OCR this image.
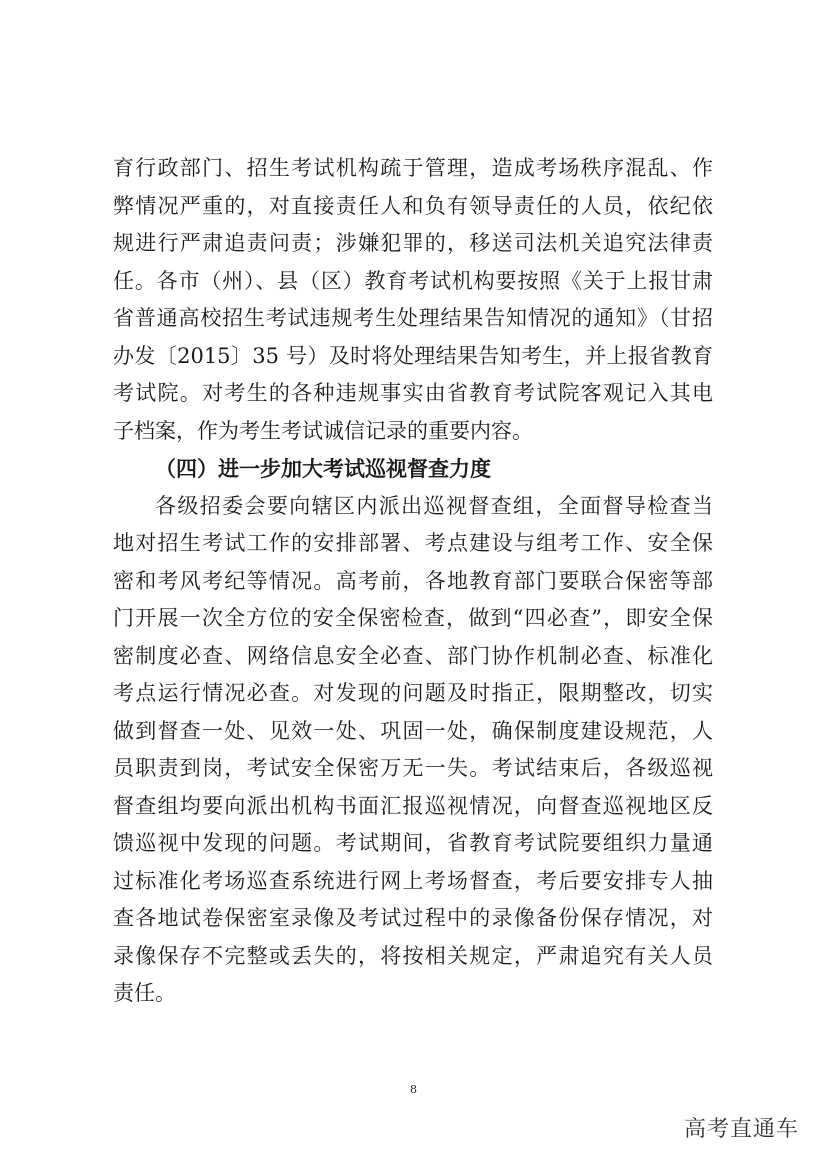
育行政部门、招生考试机构疏于管理，造成考场秩序混乱、作
弊情况严重的，对直接责任人和负有领导责任的人员，依纪依
规进行严肃追责问责；涉嫌犯罪的，移送司法机关追究法律责
任。各市（州）、县（区）教育考试机构要按照《关于上报甘肃
省普通高校招生考试违规考生处理结果告知情况的通知》（甘招
办发〔2015〕35 号）及时将处理结果告知考生，并上报省教育
考试院。对考生的各种违规事实由省教育考试院客观记入其电
子档案，作为考生考试诚信记录的重要内容。
（四）进一步加大考试巡视督查力度
各级招委会要向辖区内派出巡视督查组，全面督导检查当
地对招生考试工作的安排部署、考点建设与组考工作、安全保
密和考风考纪等情况。高考前，各地教育部门要联合保密等部
门开展一次全方位的安全保密检查，做到“四必查”，即安全保
密制度必查、网络信息安全必查、部门协作机制必查、标准化
考点运行情况必查。对发现的问题及时指正，限期整改，切实
做到督查一处、见效一处、巩固一处，确保制度建设规范，人
员职责到岗，考试安全保密万无一失。考试结束后，各级巡视
督查组均要向派出机构书面汇报巡视情况，向督查巡视地区反
馈巡视中发现的问题。考试期间，省教育考试院要组织力量通
过标准化考场巡查系统进行网上考场督查，考后要安排专人抽
查各地试卷保密室录像及考试过程中的录像备份保存情况，对
录像保存不完整或丢失的，将按相关规定，严肃追究有关人员
责任。
8
高考直通车
